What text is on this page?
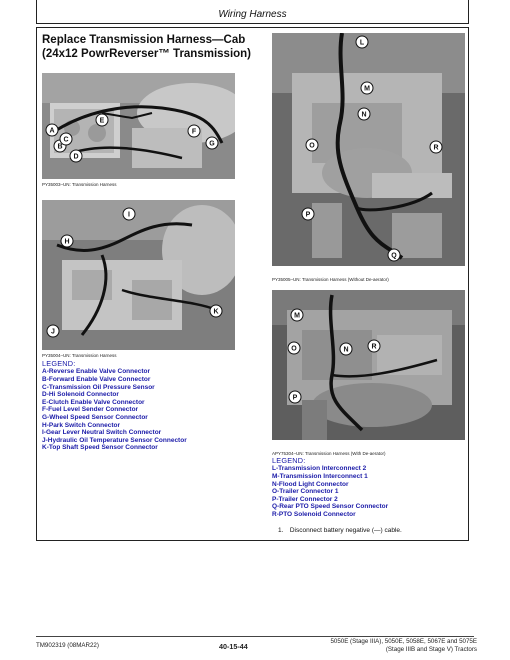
Wiring Harness
Replace Transmission Harness—Cab
(24x12 PowrReverser™ Transmission)
A
B
C
D
E
F
G
PY35003–UN: Transmission Harness
H
I
J
K
PY35004–UN: Transmission Harness
LEGEND:
A-Reverse Enable Valve Connector
B-Forward Enable Valve Connector
C-Transmission Oil Pressure Sensor
D-Hi Solenoid Connector
E-Clutch Enable Valve Connector
F-Fuel Level Sender Connector
G-Wheel Speed Sensor Connector
H-Park Switch Connector
I-Gear Lever Neutral Switch Connector
J-Hydraulic Oil Temperature Sensor Connector
K-Top Shaft Speed Sensor Connector
L
M
N
O
P
Q
R
PY35005–UN: Transmission Harness (Without De-aerator)
M
O	N
P
R
APY75304–UN: Transmission Harness (With De-aerator)
LEGEND:
L-Transmission Interconnect 2
M-Transmission Interconnect 1
N-Flood Light Connector
O-Trailer Connector 1
P-Trailer Connector 2
Q-Rear PTO Speed Sensor Connector
R-PTO Solenoid Connector
1. Disconnect battery negative (—) cable.
TM902319 (08MAR22)	40-15-44
5050E (Stage IIIA), 5050E, 5058E, 5067E and 5075E
(Stage IIIB and Stage V) Tractors
